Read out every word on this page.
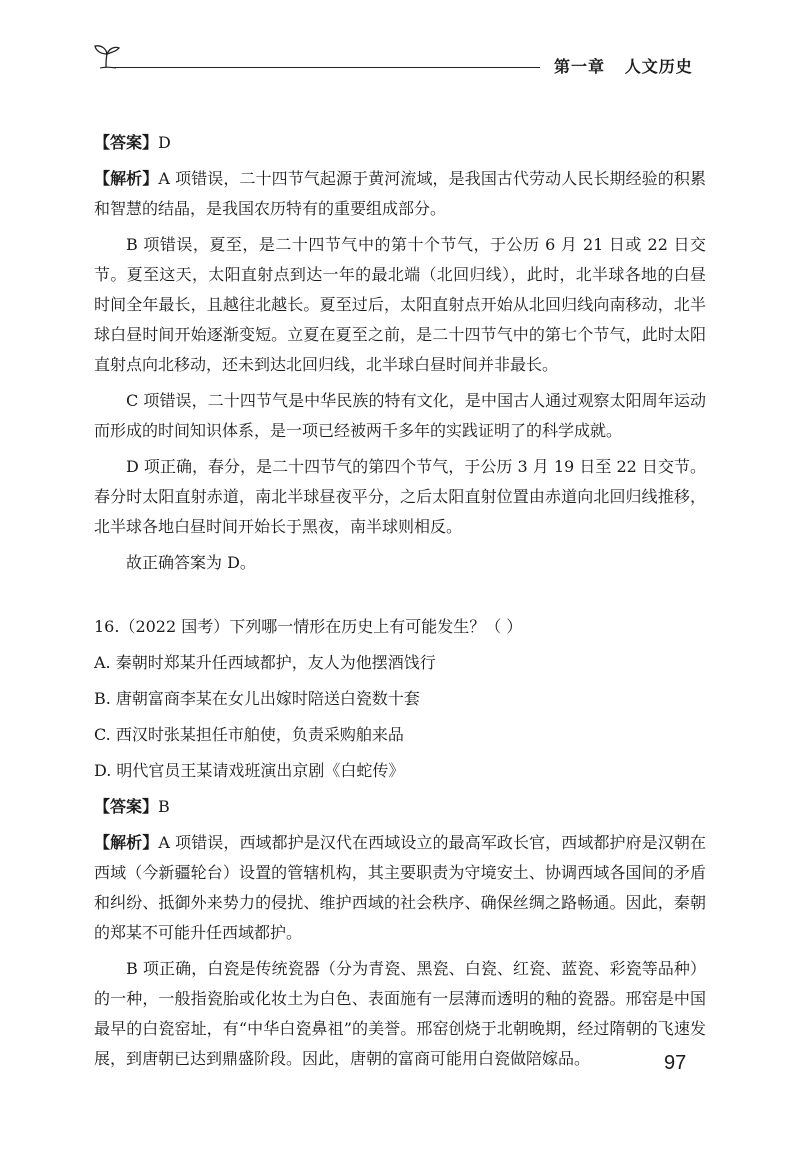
第一章   人文历史

【答案】D

【解析】A 项错误，二十四节气起源于黄河流域，是我国古代劳动人民长期经验的积累和智慧的结晶，是我国农历特有的重要组成部分。

B 项错误，夏至，是二十四节气中的第十个节气，于公历 6 月 21 日或 22 日交节。夏至这天，太阳直射点到达一年的最北端（北回归线），此时，北半球各地的白昼时间全年最长，且越往北越长。夏至过后，太阳直射点开始从北回归线向南移动，北半球白昼时间开始逐渐变短。立夏在夏至之前，是二十四节气中的第七个节气，此时太阳直射点向北移动，还未到达北回归线，北半球白昼时间并非最长。

C 项错误，二十四节气是中华民族的特有文化，是中国古人通过观察太阳周年运动而形成的时间知识体系，是一项已经被两千多年的实践证明了的科学成就。

D 项正确，春分，是二十四节气的第四个节气，于公历 3 月 19 日至 22 日交节。春分时太阳直射赤道，南北半球昼夜平分，之后太阳直射位置由赤道向北回归线推移，北半球各地白昼时间开始长于黑夜，南半球则相反。

故正确答案为 D。

16.（2022 国考）下列哪一情形在历史上有可能发生？（ ）

A. 秦朝时郑某升任西域都护，友人为他摆酒饯行

B. 唐朝富商李某在女儿出嫁时陪送白瓷数十套

C. 西汉时张某担任市舶使，负责采购舶来品

D. 明代官员王某请戏班演出京剧《白蛇传》

【答案】B

【解析】A 项错误，西域都护是汉代在西域设立的最高军政长官，西域都护府是汉朝在西域（今新疆轮台）设置的管辖机构，其主要职责为守境安土、协调西域各国间的矛盾和纠纷、抵御外来势力的侵扰、维护西域的社会秩序、确保丝绸之路畅通。因此，秦朝的郑某不可能升任西域都护。

B 项正确，白瓷是传统瓷器（分为青瓷、黑瓷、白瓷、红瓷、蓝瓷、彩瓷等品种）的一种，一般指瓷胎或化妆土为白色、表面施有一层薄而透明的釉的瓷器。邢窑是中国最早的白瓷窑址，有“中华白瓷鼻祖”的美誉。邢窑创烧于北朝晚期，经过隋朝的飞速发展，到唐朝已达到鼎盛阶段。因此，唐朝的富商可能用白瓷做陪嫁品。	97
